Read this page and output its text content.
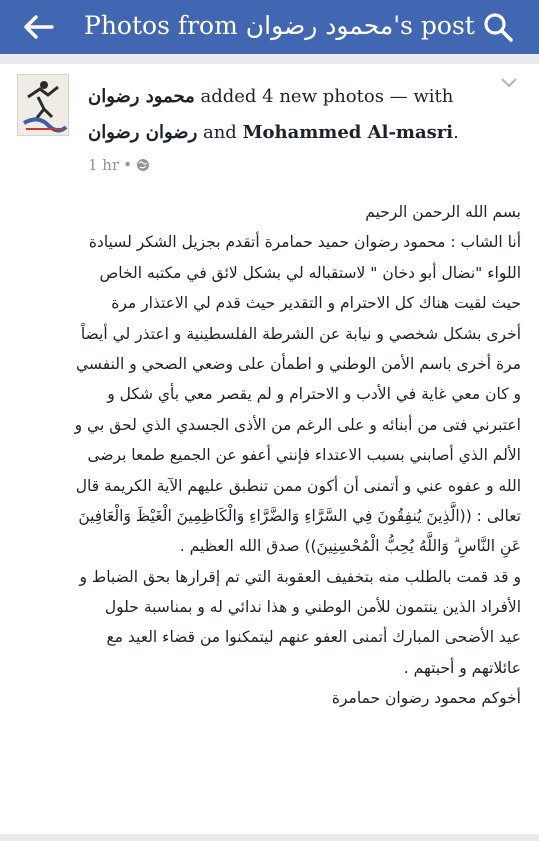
Photos from محمود رضوان's post
محمود رضوان added 4 new photos — with
رضوان رضوان and Mohammed Al-masri.
1 hr •

بسم الله الرحمن الرحيم

أنا الشاب : محمود رضوان حميد حمامرة أتقدم بجزيل الشكر لسيادة

اللواء "نضال أبو دخان " لاستقباله لي بشكل لائق في مكتبه الخاص

حيث لقيت هناك كل الاحترام و التقدير حيث قدم لي الاعتذار مرة

أخرى بشكل شخصي و نيابة عن الشرطة الفلسطينية و اعتذر لي أيضاً

مرة أخرى باسم الأمن الوطني و اطمأن على وضعي الصحي و النفسي

و كان معي غاية في الأدب و الاحترام و لم يقصر معي بأي شكل و

اعتبرني فتى من أبنائه و على الرغم من الأذى الجسدي الذي لحق بي و

الألم الذي أصابني بسبب الاعتداء فإنني أعفو عن الجميع طمعا برضى

الله و عفوه عني و أتمنى أن أكون ممن تنطبق عليهم الآية الكريمة قال

تعالى : ((الَّذِينَ يُنفِقُونَ فِي السَّرَّاءِ وَالضَّرَّاءِ وَالْكَاظِمِينَ الْغَيْظَ وَالْعَافِينَ

عَنِ النَّاسِ ۗ وَاللَّهُ يُحِبُّ الْمُحْسِنِينَ)) صدق الله العظيم .

و قد قمت بالطلب منه بتخفيف العقوبة التي تم إقرارها بحق الضباط و

الأفراد الذين ينتمون للأمن الوطني و هذا ندائي له و بمناسبة حلول

عيد الأضحى المبارك أتمنى العفو عنهم ليتمكنوا من قضاء العيد مع

عائلاتهم و أحبتهم .

أخوكم محمود رضوان حمامرة
